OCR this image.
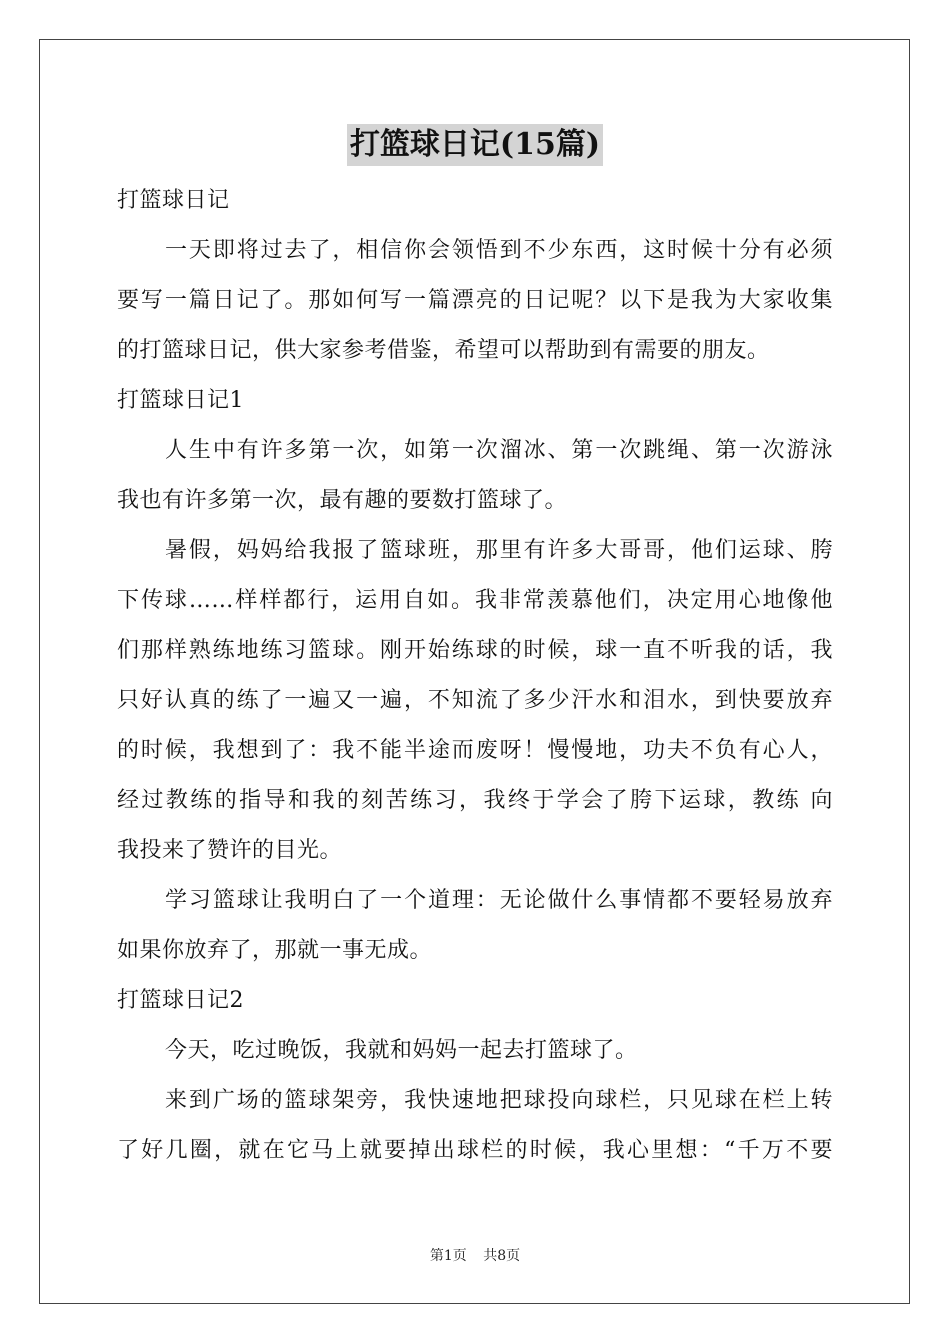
打篮球日记(15篇)
打篮球日记
一天即将过去了，相信你会领悟到不少东西，这时候十分有必须
要写一篇日记了。那如何写一篇漂亮的日记呢？以下是我为大家收集
的打篮球日记，供大家参考借鉴，希望可以帮助到有需要的朋友。
打篮球日记1
人生中有许多第一次，如第一次溜冰、第一次跳绳、第一次游泳
我也有许多第一次，最有趣的要数打篮球了。
暑假，妈妈给我报了篮球班，那里有许多大哥哥，他们运球、胯
下传球……样样都行，运用自如。我非常羡慕他们，决定用心地像他
们那样熟练地练习篮球。刚开始练球的时候，球一直不听我的话，我
只好认真的练了一遍又一遍，不知流了多少汗水和泪水，到快要放弃
的时候，我想到了：我不能半途而废呀！慢慢地，功夫不负有心人，
经过教练的指导和我的刻苦练习，我终于学会了胯下运球，教练 向
我投来了赞许的目光。
学习篮球让我明白了一个道理：无论做什么事情都不要轻易放弃
如果你放弃了，那就一事无成。
打篮球日记2
今天，吃过晚饭，我就和妈妈一起去打篮球了。
来到广场的篮球架旁，我快速地把球投向球栏，只见球在栏上转
了好几圈，就在它马上就要掉出球栏的时候，我心里想：“千万不要
第1页 共8页
